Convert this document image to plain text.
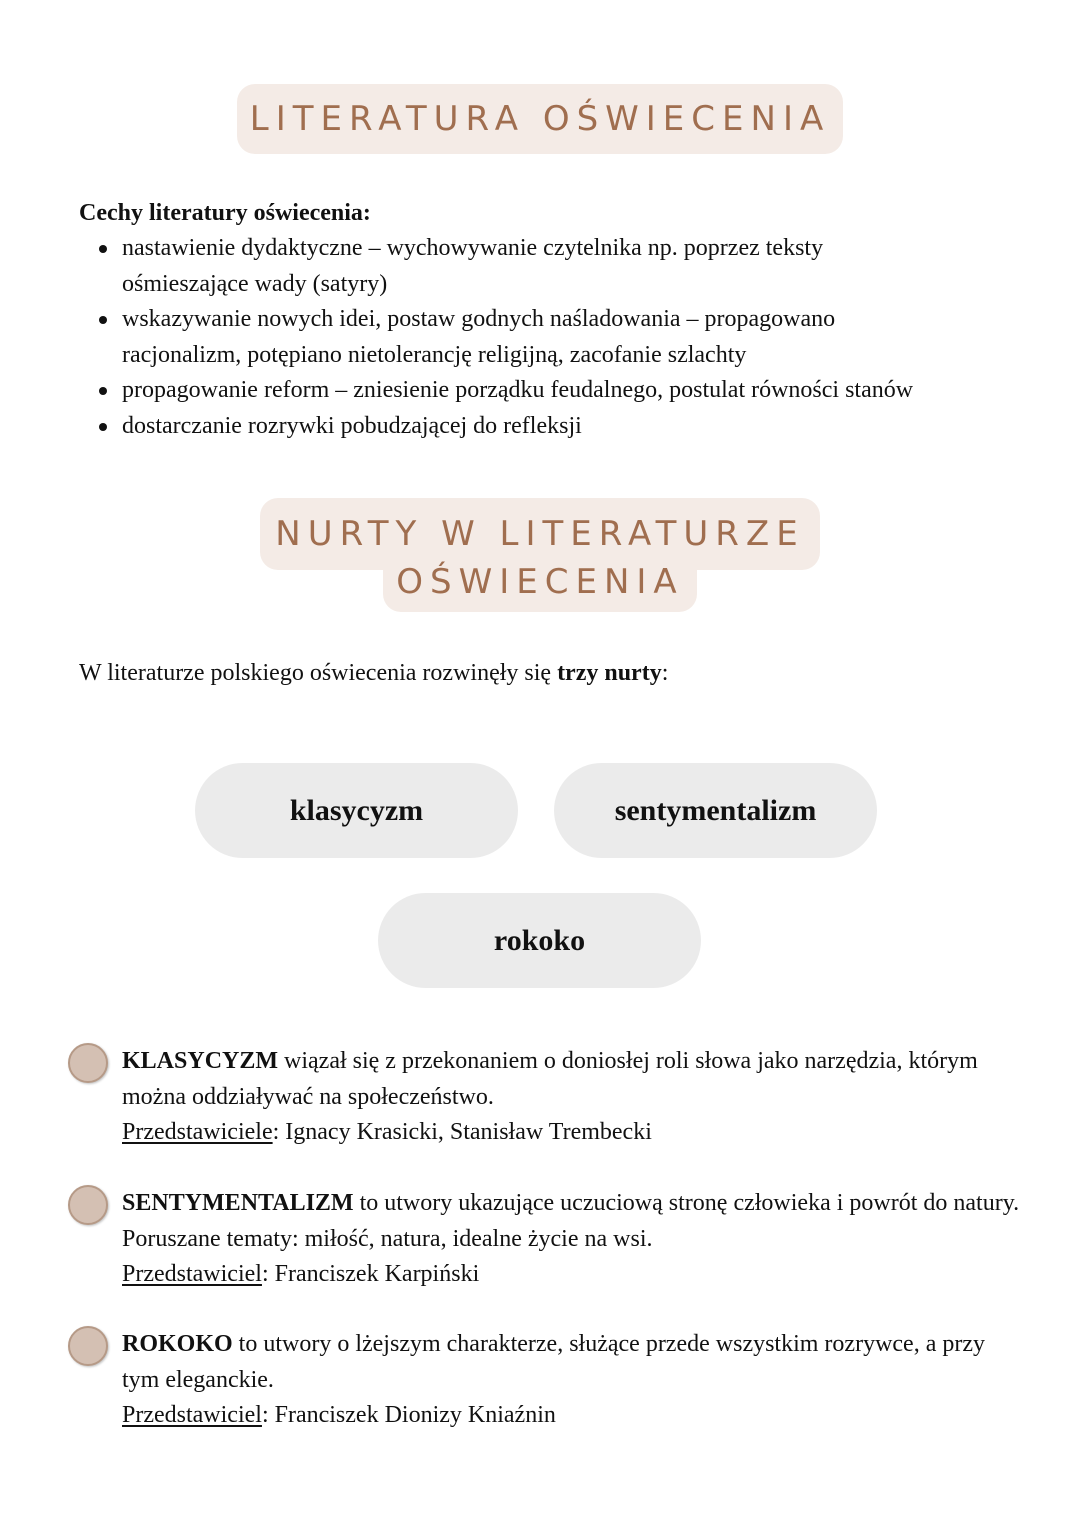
LITERATURA OŚWIECENIA
Cechy literatury oświecenia:
nastawienie dydaktyczne – wychowywanie czytelnika np. poprzez teksty ośmieszające wady (satyry)
wskazywanie nowych idei, postaw godnych naśladowania – propagowano racjonalizm, potępiano nietolerancję religijną, zacofanie szlachty
propagowanie reform – zniesienie porządku feudalnego, postulat równości stanów
dostarczanie rozrywki pobudzającej do refleksji
NURTY W LITERATURZE
OŚWIECENIA
W literaturze polskiego oświecenia rozwinęły się trzy nurty:
klasycyzm	sentymentalizm
rokoko
KLASYCYZM wiązał się z przekonaniem o doniosłej roli słowa jako narzędzia, którym można oddziaływać na społeczeństwo.
Przedstawiciele: Ignacy Krasicki, Stanisław Trembecki
SENTYMENTALIZM to utwory ukazujące uczuciową stronę człowieka i powrót do natury. Poruszane tematy: miłość, natura, idealne życie na wsi.
Przedstawiciel: Franciszek Karpiński
ROKOKO to utwory o lżejszym charakterze, służące przede wszystkim rozrywce, a przy tym eleganckie.
Przedstawiciel: Franciszek Dionizy Kniaźnin
